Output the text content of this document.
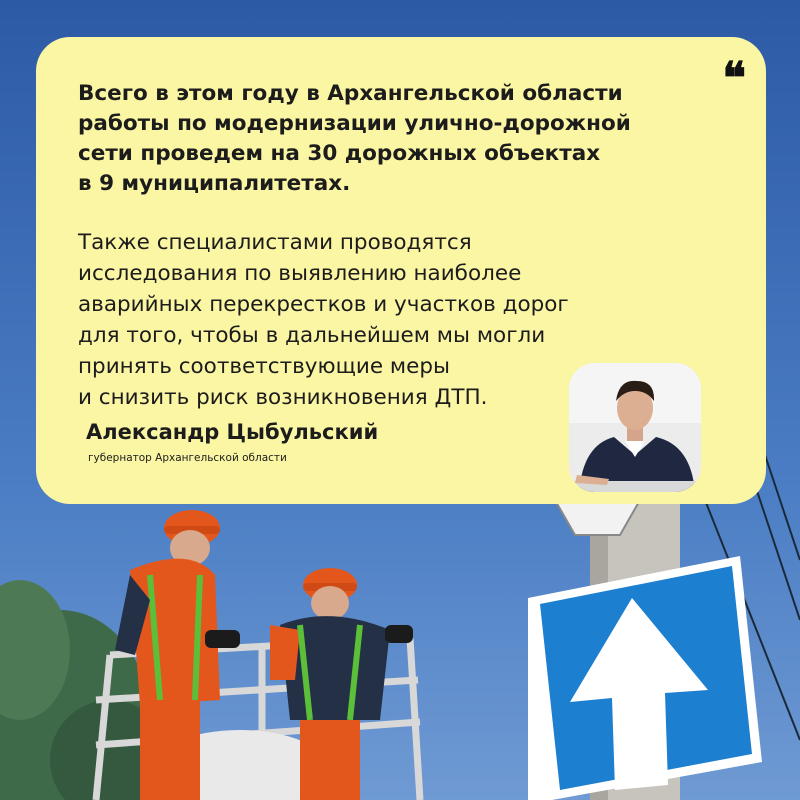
❝

Всего в этом году в Архангельской области
работы по модернизации улично-дорожной
сети проведем на 30 дорожных объектах
в 9 муниципалитетах.

Также специалистами проводятся
исследования по выявлению наиболее
аварийных перекрестков и участков дорог
для того, чтобы в дальнейшем мы могли
принять соответствующие меры
и снизить риск возникновения ДТП.

Александр Цыбульский

губернатор Архангельской области
